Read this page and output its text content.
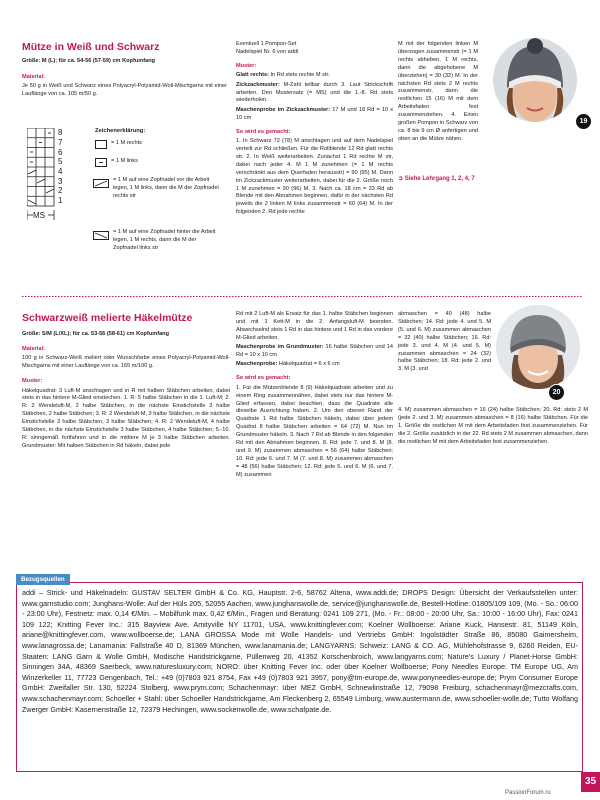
Mütze in Weiß und Schwarz

Größe: M (L); für ca. 54-56 (57-59) cm Kopfumfang

Material:

Je 50 g in Weiß und Schwarz eines Polyacryl-Polyamid-Woll-Mischgarns mit einer Lauflänge von ca. 105 m/50 g.

8
7
6
5
4
3
2
1
MS
Zeichenerklärung:
= 1 M rechts
= 1 M links
= 1 M auf eine Zopfnadel vor die Arbeit legen, 1 M links, dann die M der Zopfnadel rechts str
= 1 M auf eine Zopfnadel hinter die Arbeit legen, 1 M rechts, dann die M der Zopfnadel links str

Eventuell 1 Pompon-Set
Nadelspiel Nr. 6 von addi

Muster:

Glatt rechts: In Rd stets rechte M str.

Zickzackmuster: M-Zahl teilbar durch 3. Laut Strickschrift arbeiten. Den Mustersatz (= MS) und die 1.-8. Rd stets wiederholen.

Maschenprobe im Zickzackmuster: 17 M und 18 Rd = 10 x 10 cm

So wird es gemacht:

1. In Schwarz 72 (78) M anschlagen und auf dem Nadelspiel verteilt zur Rd schließen. Für die Rollblende 12 Rd glatt rechts str. 2. In Weiß weiterarbeiten. Zunächst 1 Rd rechte M str, dabei nach jeder 4. M 1 M zunehmen (= 1 M rechts verschränkt aus dem Querfaden herausstr) = 90 (95) M. Dann im Zickzackmuster weiterarbeiten, dabei für die 2. Größe noch 1 M zunehmen = 90 (96) M. 3. Nach ca. 18 cm = 33 Rd ab Blende mit den Abnahmen beginnen, dafür in der nächsten Rd jeweils die 2 linken M links zusammenstr = 60 (64) M. In der folgenden 2. Rd jede rechte

M mit der folgenden linken M überzogen zusammenstr (= 1 M rechts abheben, 1 M rechts, dann die abgehobene M überziehen) = 30 (32) M. In der nächsten Rd stets 2 M rechts zusammenstr, dann die restlichen 15 (16) M mit dem Arbeitsfaden fest zusammenziehen. 4. Einen großen Pompon in Schwarz von ca. 8 bis 9 cm Ø anfertigen und oben an die Mütze nähen.

19
➲ Siehe Lehrgang 1, 2, 4, 7
Schwarzweiß melierte Häkelmütze

Größe: S/M (L/XL); für ca. 53-56 (58-61) cm Kopfumfang

Material:

100 g in Schwarz-Weiß meliert oder Wunschfarbe eines Polyacryl-Polyamid-Woll-Mischgarns mit einer Lauflänge von ca. 165 m/100 g.

Muster:

Häkelquadrat: 3 Luft-M anschlagen und in R mit halben Stäbchen arbeiten, dabei stets in das hintere M-Glied einstechen. 1. R: 5 halbe Stäbchen in die 1. Luft-M; 2. R: 2 Wendeluft-M, 2 halbe Stäbchen, in die nächste Einstichstelle 3 halbe Stäbchen, 2 halbe Stäbchen; 3. R: 2 Wendeluft-M, 3 halbe Stäbchen, in die nächste Einstichstelle 3 halbe Stäbchen, 3 halbe Stäbchen; 4. R: 2 Wendeluft-M, 4 halbe Stäbchen, in die nächste Einstichstelle 3 halbe Stäbchen, 4 halbe Stäbchen; 5.-10. R: sinngemäß fortfahren und in die mittlere M je 3 halbe Stäbchen arbeiten. Grundmuster: Mit halben Stäbchen in Rd häkeln, dabei jede

Rd mit 2 Luft-M als Ersatz für das 1. halbe Stäbchen beginnen und mit 1 Kett-M in die 2. Anfangsluft-M beenden. Abwechselnd stets 1 Rd in das hintere und 1 Rd in das vordere M-Glied arbeiten.

Maschenprobe im Grundmuster: 16 halbe Stäbchen und 14 Rd = 10 x 10 cm

Maschenprobe: Häkelquadrat = 6 x 6 cm

So wird es gemacht:

1. Für die Mützenblende 8 (9) Häkelquadrate arbeiten und zu einem Ring zusammennähen, dabei stets nur das hintere M-Glied erfassen, dabei beachten, dass die Quadrate alle dieselbe Ausrichtung haben. 2. Um den oberen Rand der Quadrate 1 Rd halbe Stäbchen häkeln, dabei über jedem Quadrat 8 halbe Stäbchen arbeiten = 64 (72) M. Nun im Grundmuster häkeln. 3. Nach 7 Rd ab Blende in den folgenden Rd mit den Abnahmen beginnen. 8. Rd: jede 7. und 8. M (8. und 9. M) zusammen abmaschen = 56 (64) halbe Stäbchen; 10. Rd: jede 6. und 7. M (7. und 8. M) zusammen abmaschen = 48 (56) halbe Stäbchen; 12. Rd: jede 5. und 6. M (6. und 7. M) zusammen

abmaschen = 40 (48) halbe Stäbchen; 14. Rd: jede 4. und 5. M (5. und 6. M) zusammen abmaschen = 32 (40) halbe Stäbchen; 16. Rd: jede 3. und 4. M (4. und 5. M) zusammen abmaschen = 24 (32) halbe Stäbchen; 18. Rd: jede 2. und 3. M (3. und

4. M) zusammen abmaschen = 16 (24) halbe Stäbchen; 20. Rd: stets 2 M (jede 2. und 3. M) zusammen abmaschen = 8 (16) halbe Stäbchen. Für die 1. Größe die restlichen M mit dem Arbeitsfaden fest zusammenziehen. Für die 2. Größe zusätzlich in der 22. Rd stets 2 M zusammen abmaschen, dann die restlichen M mit dem Arbeitsfaden fest zusammenziehen.

20
Bezugsquellen
addi – Strick- und Häkelnadeln: GUSTAV SELTER GmbH & Co. KG, Hauptstr. 2-6, 58762 Altena, www.addi.de; DROPS Design: Übersicht der Verkaufsstellen unter: www.garnstudio.com; Junghans-Wolle: Auf der Hüls 205, 52055 Aachen, www.junghanswolle.de, service@junghanswolle.de, Bestell-Hotline: 01805/109 109, (Mo. - So.: 06:00 - 23:00 Uhr), Festnetz: max. 0,14 €/Min. – Mobilfunk max. 0,42 €/Min., Fragen und Beratung: 0241 109 271, (Mo. - Fr.: 08:00 - 20:00 Uhr, Sa.: 10:00 - 16:00 Uhr), Fax: 0241 109 122; Knitting Fever Inc.: 315 Bayview Ave, Amityville NY 11701, USA, www.knittingfever.com; Koelner Wollboerse: Ariane Kuck, Hansestr. 81, 51149 Köln, ariane@knittingfever.com, www.wollboerse.de; LANA GROSSA Mode mit Wolle Handels- und Vertriebs GmbH: Ingolstädter Straße 86, 85080 Gaimersheim, www.lanagrossa.de; Lanamania: Fallstraße 40 D, 81369 München, www.lanamania.de; LANGYARNS: Schweiz: LANG & CO. AG, Mühlehofstrasse 9, 6260 Reiden, EU-Staaten: LANG Garn & Wolle GmbH, Modische Handstrickgarne, Püllenweg 20, 41352 Korschenbroich, www.langyarns.com; Nature's Luxury / Planet-Horse GmbH: Sinningen 34A, 48369 Saerbeck, www.naturesluxury.com; NORO: über Knitting Fever Inc. oder über Koelner Wollboerse; Pony Needles Europe: TM Europe UG, Am Winzerkeller 11, 77723 Gengenbach, Tel.: +49 (0)7803 921 8754, Fax +49 (0)7803 921 3957, pony@tm-europe.de, www.ponyneedles-europe.de; Prym Consumer Europe GmbH: Zweifaller Str. 130, 52224 Stolberg, www.prym.com; Schachenmayr: über MEZ GmbH, Schnewlinstraße 12, 79098 Freiburg, schachenmayr@mezcrafts.com, www.schachenmayr.com; Schoeller + Stahl: über Schoeller Handstrickgarne, Am Fleckenberg 2, 65549 Limburg, www.austermann.de, www.schoeller-wolle.de; Tutto Wolfang Zwerger GmbH: Kasernenstraße 12, 72379 Hechingen, www.sockenwolle.de, www.schafpate.de.
35
PassionForum.ru
